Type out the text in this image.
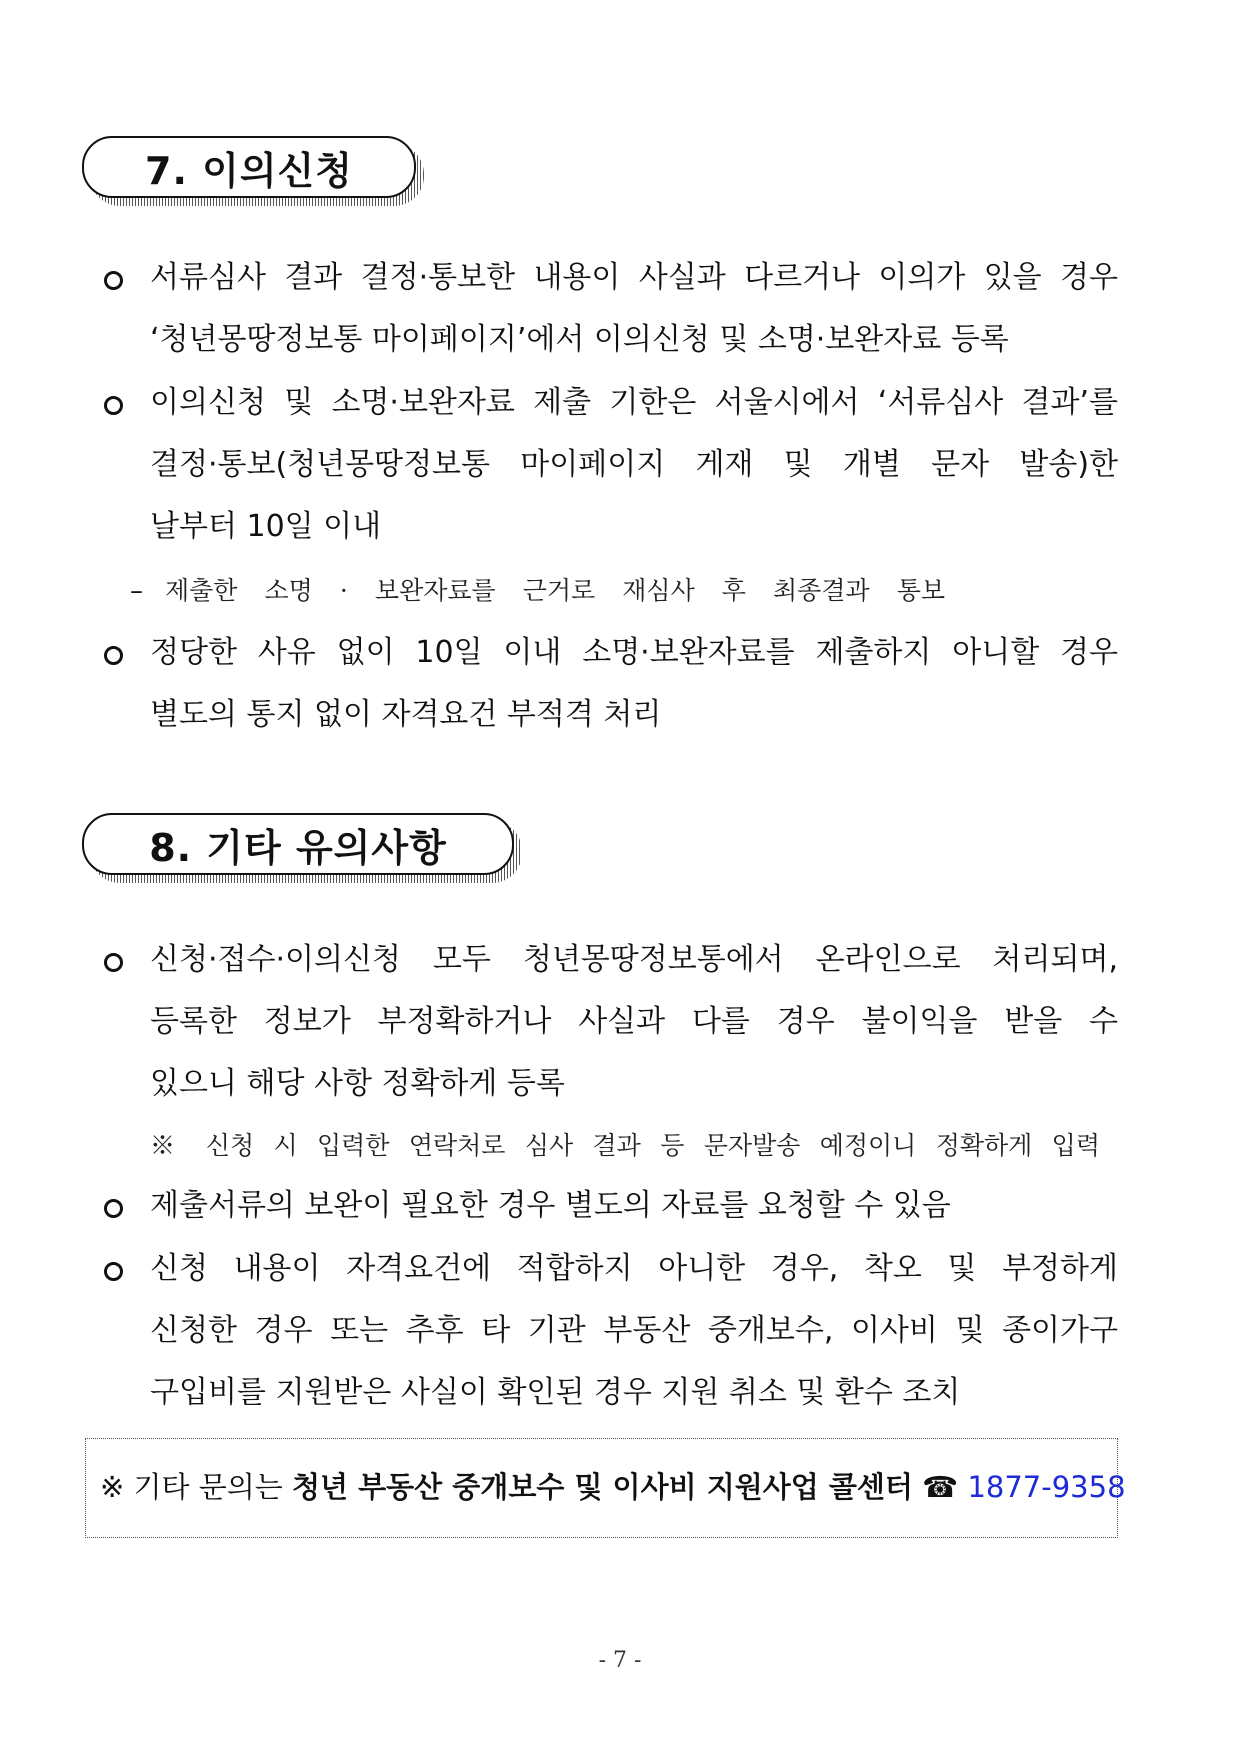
7. 이의신청
서류심사 결과 결정·통보한 내용이 사실과 다르거나 이의가 있을 경우
‘청년몽땅정보통 마이페이지’에서 이의신청 및 소명·보완자료 등록
이의신청 및 소명·보완자료 제출 기한은 서울시에서 ‘서류심사 결과’를
결정·통보(청년몽땅정보통 마이페이지 게재 및 개별 문자 발송)한
날부터 10일 이내
– 제출한 소명 · 보완자료를 근거로 재심사 후 최종결과 통보
정당한 사유 없이 10일 이내 소명·보완자료를 제출하지 아니할 경우
별도의 통지 없이 자격요건 부적격 처리
8. 기타 유의사항
신청·접수·이의신청 모두 청년몽땅정보통에서 온라인으로 처리되며,
등록한 정보가 부정확하거나 사실과 다를 경우 불이익을 받을 수
있으니 해당 사항 정확하게 등록
※ 신청 시 입력한 연락처로 심사 결과 등 문자발송 예정이니 정확하게 입력
제출서류의 보완이 필요한 경우 별도의 자료를 요청할 수 있음
신청 내용이 자격요건에 적합하지 아니한 경우, 착오 및 부정하게
신청한 경우 또는 추후 타 기관 부동산 중개보수, 이사비 및 종이가구
구입비를 지원받은 사실이 확인된 경우 지원 취소 및 환수 조치
※ 기타 문의는 청년 부동산 중개보수 및 이사비 지원사업 콜센터 ☎ 1877-9358
- 7 -
